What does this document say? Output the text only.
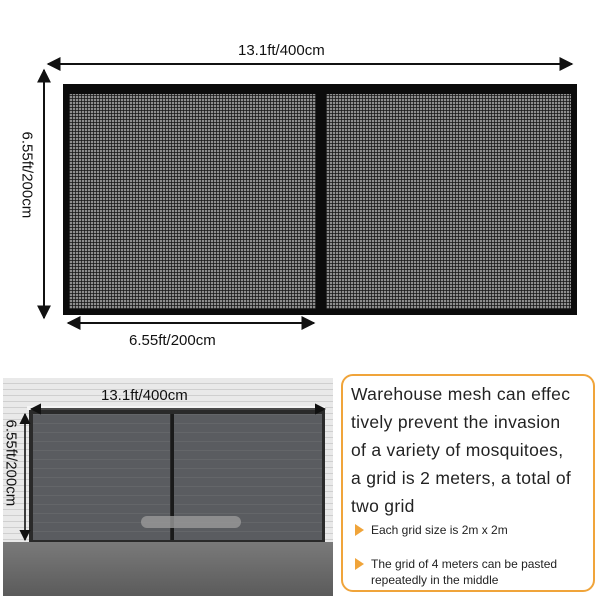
13.1ft/400cm
6.55ft/200cm
6.55ft/200cm
13.1ft/400cm
6.55ft/200cm
Warehouse mesh can effec
tively prevent the invasion
of a variety of mosquitoes,
a grid is 2 meters, a total of
two grid
Each grid size is 2m x 2m
The grid of 4 meters can be pasted repeatedly in the middle
